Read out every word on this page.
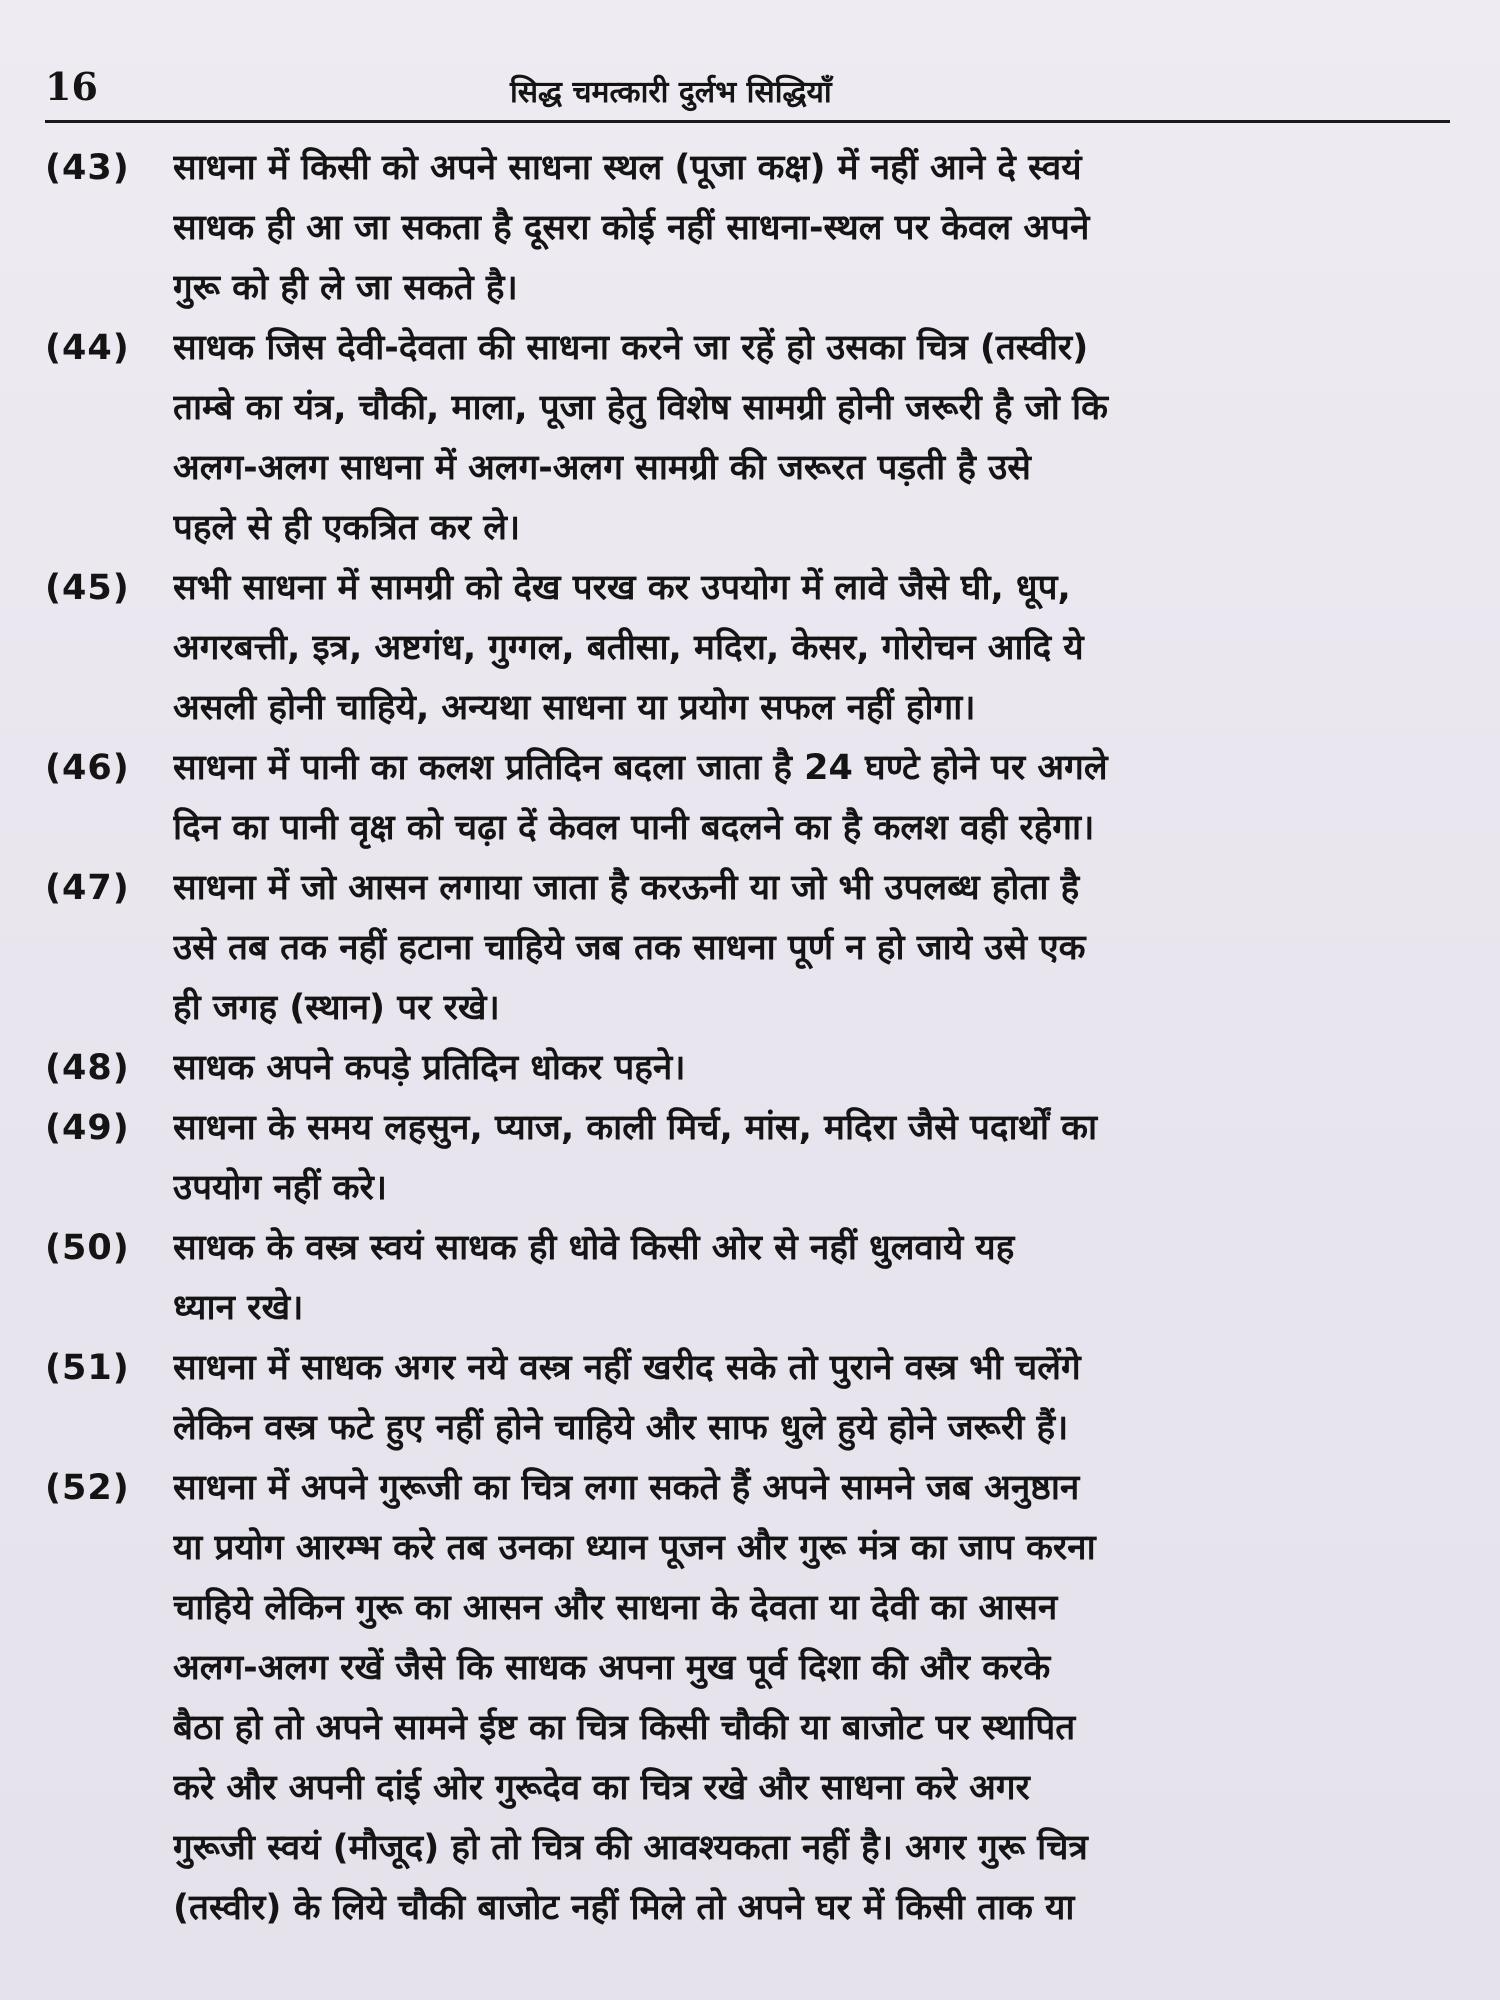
16	सिद्ध चमत्कारी दुर्लभ सिद्धियाँ
(43)	साधना में किसी को अपने साधना स्थल (पूजा कक्ष) में नहीं आने दे स्वयं
साधक ही आ जा सकता है दूसरा कोई नहीं साधना-स्थल पर केवल अपने
गुरू को ही ले जा सकते है।
(44)	साधक जिस देवी-देवता की साधना करने जा रहें हो उसका चित्र (तस्वीर)
ताम्बे का यंत्र, चौकी, माला, पूजा हेतु विशेष सामग्री होनी जरूरी है जो कि
अलग-अलग साधना में अलग-अलग सामग्री की जरूरत पड़ती है उसे
पहले से ही एकत्रित कर ले।
(45)	सभी साधना में सामग्री को देख परख कर उपयोग में लावे जैसे घी, धूप,
अगरबत्ती, इत्र, अष्टगंध, गुग्गल, बतीसा, मदिरा, केसर, गोरोचन आदि ये
असली होनी चाहिये, अन्यथा साधना या प्रयोग सफल नहीं होगा।
(46)	साधना में पानी का कलश प्रतिदिन बदला जाता है 24 घण्टे होने पर अगले
दिन का पानी वृक्ष को चढ़ा दें केवल पानी बदलने का है कलश वही रहेगा।
(47)	साधना में जो आसन लगाया जाता है करऊनी या जो भी उपलब्ध होता है
उसे तब तक नहीं हटाना चाहिये जब तक साधना पूर्ण न हो जाये उसे एक
ही जगह (स्थान) पर रखे।
(48)	साधक अपने कपड़े प्रतिदिन धोकर पहने।
(49)	साधना के समय लहसुन, प्याज, काली मिर्च, मांस, मदिरा जैसे पदार्थों का
उपयोग नहीं करे।
(50)	साधक के वस्त्र स्वयं साधक ही धोवे किसी ओर से नहीं धुलवाये यह
ध्यान रखे।
(51)	साधना में साधक अगर नये वस्त्र नहीं खरीद सके तो पुराने वस्त्र भी चलेंगे
लेकिन वस्त्र फटे हुए नहीं होने चाहिये और साफ धुले हुये होने जरूरी हैं।
(52)	साधना में अपने गुरूजी का चित्र लगा सकते हैं अपने सामने जब अनुष्ठान
या प्रयोग आरम्भ करे तब उनका ध्यान पूजन और गुरू मंत्र का जाप करना
चाहिये लेकिन गुरू का आसन और साधना के देवता या देवी का आसन
अलग-अलग रखें जैसे कि साधक अपना मुख पूर्व दिशा की और करके
बैठा हो तो अपने सामने ईष्ट का चित्र किसी चौकी या बाजोट पर स्थापित
करे और अपनी दांई ओर गुरूदेव का चित्र रखे और साधना करे अगर
गुरूजी स्वयं (मौजूद) हो तो चित्र की आवश्यकता नहीं है। अगर गुरू चित्र
(तस्वीर) के लिये चौकी बाजोट नहीं मिले तो अपने घर में किसी ताक या
